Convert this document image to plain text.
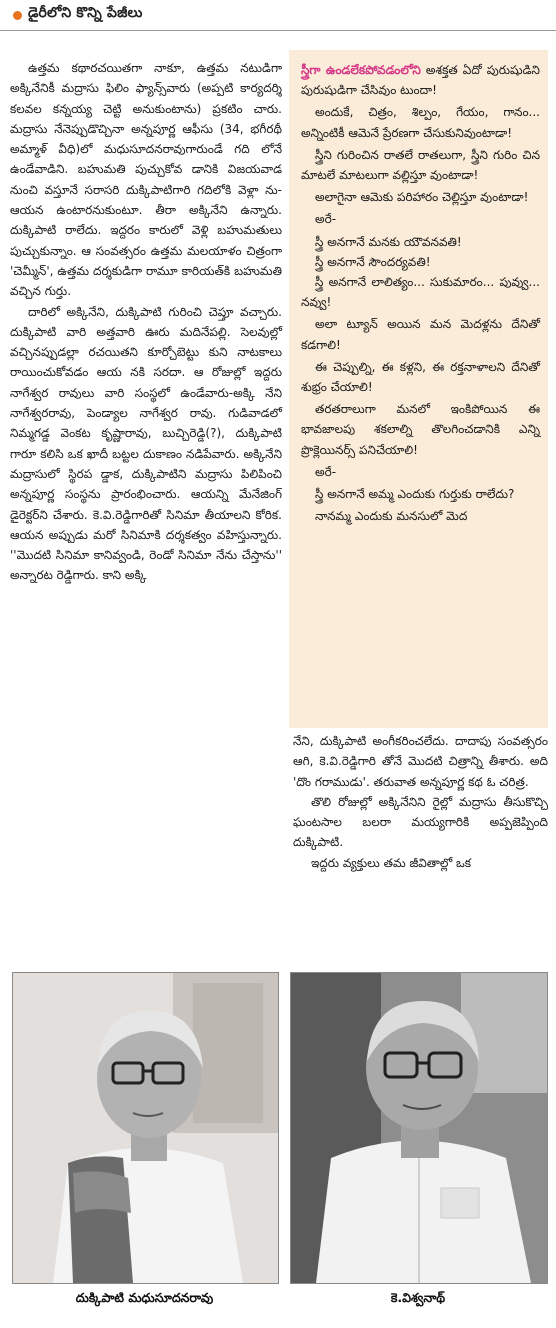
డైరీలోని కొన్ని పేజీలు

ఉత్తమ కథారచయితగా నాకూ, ఉత్తమ నటుడిగా అక్కినేనికీ మద్రాసు ఫిలిం ఫ్యాన్స్‌వారు (అప్పటి కార్యదర్శి కలవల కన్నయ్య చెట్టి అనుకుంటాను) ప్రకటిం చారు. మద్రాసు నేనెప్పుడొచ్చినా అన్నపూర్ణ ఆఫీసు (34, భగీరథీ అమ్మాళ్ వీధి)లో మధుసూదనరావుగారుండే గది లోనే ఉండేవాడిని. బహుమతి పుచ్చుకోవ డానికి విజయవాడ నుంచి వస్తూనే సరాసరి దుక్కిపాటిగారి గదిలోకి వెళ్లా ను- ఆయన ఉంటారనుకుంటూ. తీరా అక్కినేని ఉన్నారు. దుక్కిపాటి రాలేదు. ఇద్దరం కారులో వెళ్లి బహుమతులు పుచ్చుకున్నాం. ఆ సంవత్సరం ఉత్తమ మలయాళం చిత్రంగా 'చెమ్మీన్', ఉత్తమ దర్శకుడిగా రామూ కారియత్‌కి బహుమతి వచ్చిన గుర్తు.

దారిలో అక్కినేని, దుక్కిపాటి గురించి చెప్తూ వచ్చారు. దుక్కిపాటి వారి అత్తవారి ఊరు మదినేపల్లి. సెలవుల్లో వచ్చినప్పుడల్లా రచయితని కూర్చోబెట్టు కుని నాటకాలు రాయించుకోవడం ఆయ నకి సరదా. ఆ రోజుల్లో ఇద్దరు నాగేశ్వర రావులు వారి సంస్థలో ఉండేవారు-అక్కి నేని నాగేశ్వరరావు, పెండ్యాల నాగేశ్వర రావు. గుడివాడలో నిమ్మగడ్డ వెంకట కృష్ణారావు, బుచ్చిరెడ్డి(?), దుక్కిపాటి గారూ కలిసి ఒక ఖాదీ బట్టల దుకాణం నడిపేవారు. అక్కినేని మద్రాసులో స్థిరప డ్డాక, దుక్కిపాటిని మద్రాసు పిలిపించి అన్నపూర్ణ సంస్థను ప్రారంభించారు. ఆయన్ని మేనేజింగ్ డైరెక్టర్‌ని చేశారు. కె.వి.రెడ్డిగారితో సినిమా తీయాలని కోరిక. ఆయన అప్పుడు మరో సినిమాకి దర్శకత్వం వహిస్తున్నారు. ''మొదటి సినిమా కానివ్వండి, రెండో సినిమా నేను చేస్తాను'' అన్నారట రెడ్డిగారు. కాని అక్కి

స్త్రీగా ఉండలేకపోవడంలోని అశక్తత ఏదో పురుషుడిని పురుషుడిగా చేసివుం టుందా!

అందుకే, చిత్రం, శిల్పం, గేయం, గానం... అన్నింటికీ ఆమెనే ప్రేరణగా చేసుకునివుంటాడా!

స్త్రీని గురించిన రాతలే రాతలుగా, స్త్రీని గురిం చిన మాటలే మాటలుగా వల్లిస్తూ వుంటాడా!

అలాగైనా ఆమెకు పరిహారం చెల్లిస్తూ వుంటాడా!

అరే-

స్త్రీ అనగానే మనకు యౌవనవతి!

స్త్రీ అనగానే సౌందర్యవతి!

స్త్రీ అనగానే లాలిత్యం... సుకుమారం... పువ్వు... నవ్వు!

అలా ట్యూన్ అయిన మన మెదళ్లను దేనితో కడగాలి!

ఈ చెప్పుల్ని, ఈ కళ్లని, ఈ రక్తనాళాలని దేనితో శుభ్రం చేయాలి!

తరతరాలుగా మనలో ఇంకిపోయిన ఈ భావజాలపు శకలాల్ని తొలగించడానికి ఎన్ని ప్రొక్లెయినర్స్ పనిచేయాలి!

అరే-

స్త్రీ అనగానే అమ్మ ఎందుకు గుర్తుకు రాలేదు?

నానమ్మ ఎందుకు మనసులో మెద

నేని, దుక్కిపాటి అంగీకరించలేదు. దాదాపు సంవత్సరం ఆగి, కె.వి.రెడ్డిగారి తోనే మొదటి చిత్రాన్ని తీశారు. అది 'దొం గరాముడు'. తరువాత అన్నపూర్ణ కథ ఓ చరిత్ర.

తొలి రోజుల్లో అక్కినేనిని రైల్లో మద్రాసు తీసుకొచ్చి ఘంటసాల బలరా మయ్యగారికి అప్పజెప్పింది దుక్కిపాటి.

ఇద్దరు వ్యక్తులు తమ జీవితాల్లో ఒక

దుక్కిపాటి మధుసూదనరావు	కె.విశ్వనాథ్
